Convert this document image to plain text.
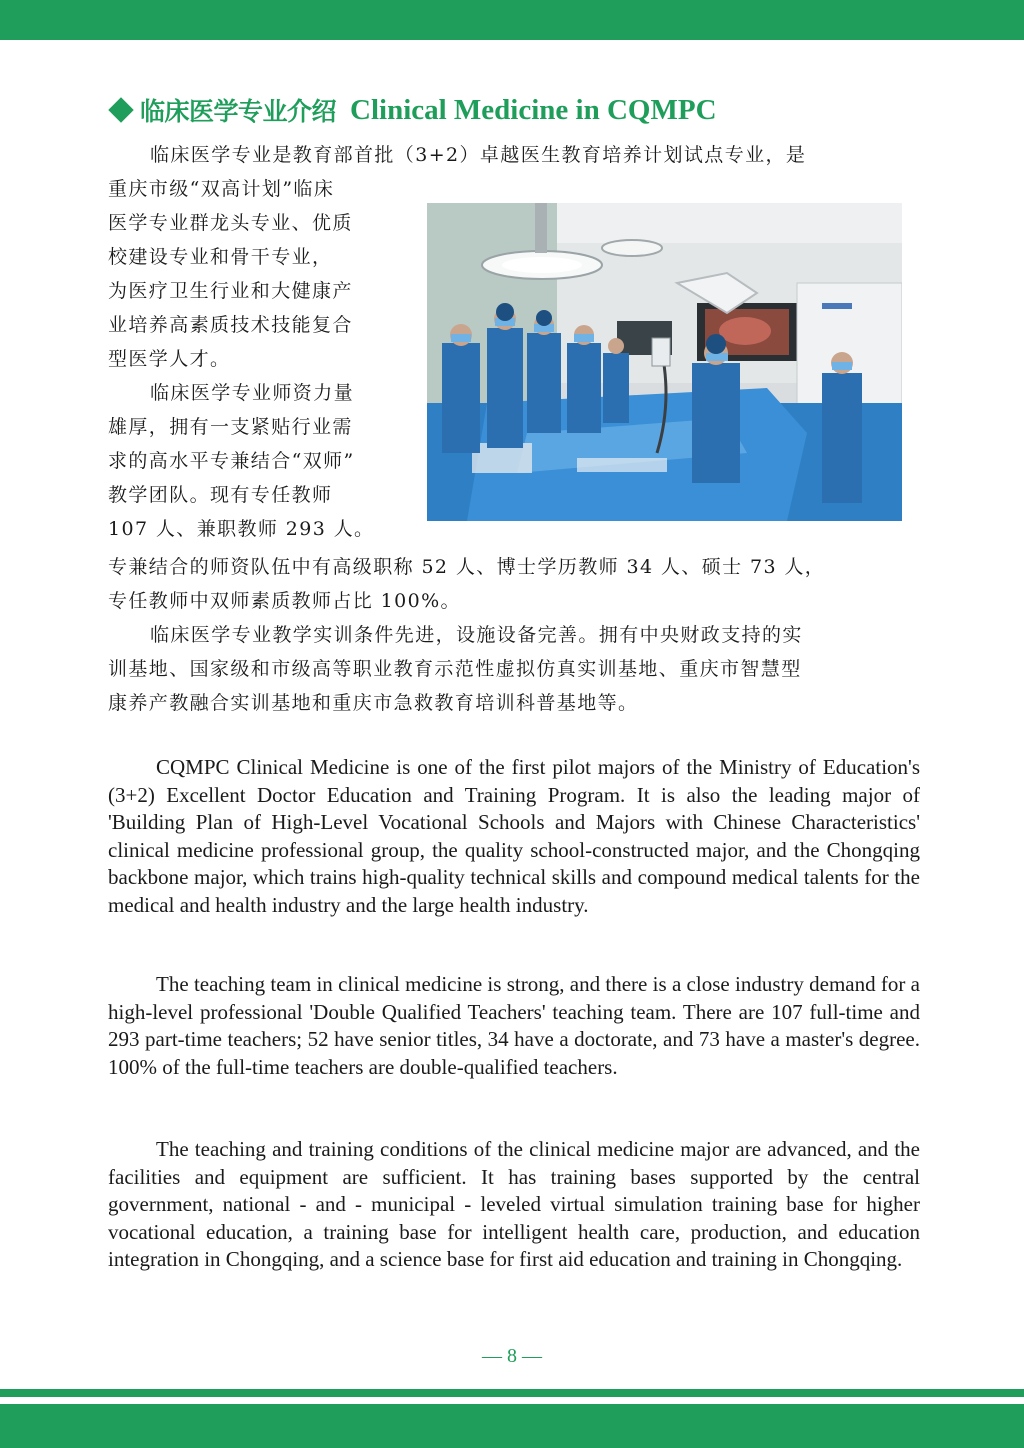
临床医学专业介绍 Clinical Medicine in CQMPC

临床医学专业是教育部首批（3+2）卓越医生教育培养计划试点专业，是

重庆市级“双高计划”临床

医学专业群龙头专业、优质

校建设专业和骨干专业，

为医疗卫生行业和大健康产

业培养高素质技术技能复合

型医学人才。

临床医学专业师资力量

雄厚，拥有一支紧贴行业需

求的高水平专兼结合“双师”

教学团队。现有专任教师

107 人、兼职教师 293 人。

专兼结合的师资队伍中有高级职称 52 人、博士学历教师 34 人、硕士 73 人，

专任教师中双师素质教师占比 100%。

临床医学专业教学实训条件先进，设施设备完善。拥有中央财政支持的实

训基地、国家级和市级高等职业教育示范性虚拟仿真实训基地、重庆市智慧型

康养产教融合实训基地和重庆市急救教育培训科普基地等。

CQMPC Clinical Medicine is one of the first pilot majors of the Ministry of Education's (3+2) Excellent Doctor Education and Training Program. It is also the leading major of 'Building Plan of High-Level Vocational Schools and Majors with Chinese Characteristics' clinical medicine professional group, the quality school-constructed major, and the Chongqing backbone major, which trains high-quality technical skills and compound medical talents for the medical and health industry and the large health industry.

The teaching team in clinical medicine is strong, and there is a close industry demand for a high-level professional 'Double Qualified Teachers' teaching team. There are 107 full-time and 293 part-time teachers; 52 have senior titles, 34 have a doctorate, and 73 have a master's degree. 100% of the full-time teachers are double-qualified teachers.

The teaching and training conditions of the clinical medicine major are advanced, and the facilities and equipment are sufficient. It has training bases supported by the central government, national - and - municipal - leveled virtual simulation training base for higher vocational education, a training base for intelligent health care, production, and education integration in Chongqing, and a science base for first aid education and training in Chongqing.

— 8 —
